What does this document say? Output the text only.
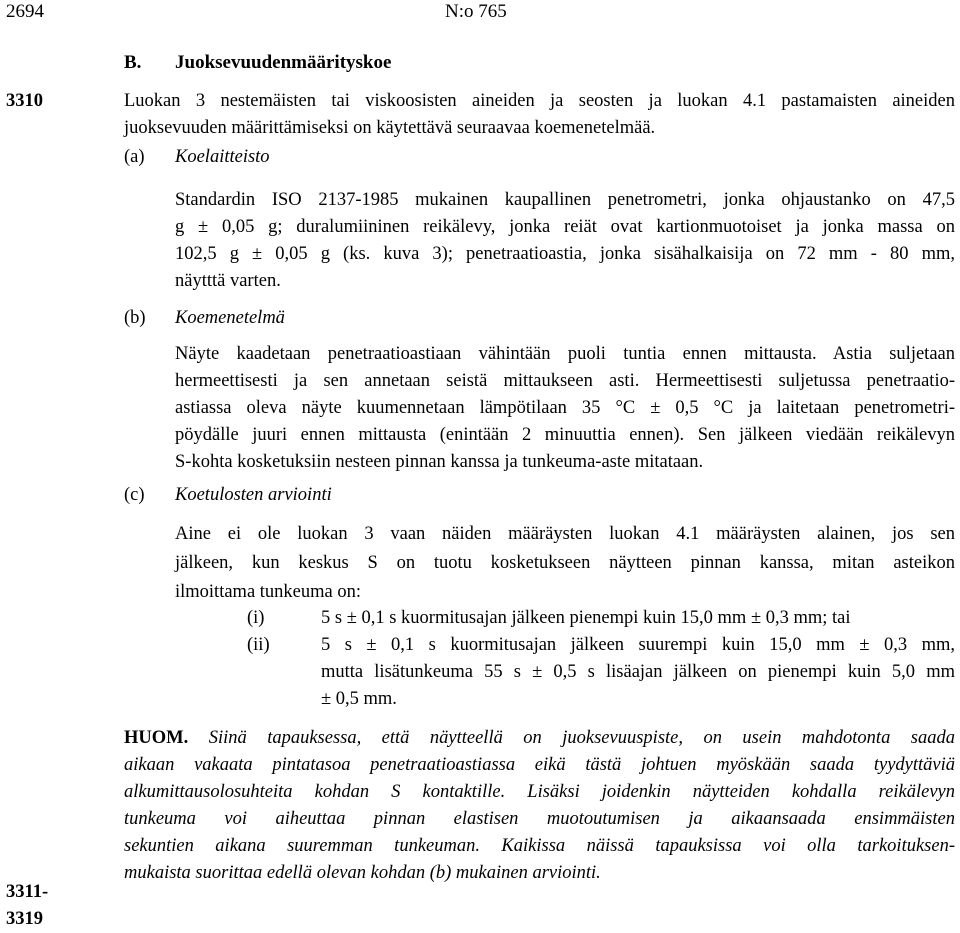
2694	N:o 765
B. Juoksevuudenmäärityskoe
3310
3311-
3319
Luokan 3 nestemäisten tai viskoosisten aineiden ja seosten ja luokan 4.1 pastamaisten aineiden
juoksevuuden määrittämiseksi on käytettävä seuraavaa koemenetelmää.
(a) Koelaitteisto
Standardin ISO 2137-1985 mukainen kaupallinen penetrometri, jonka ohjaustanko on 47,5
g ± 0,05 g; duralumiininen reikälevy, jonka reiät ovat kartionmuotoiset ja jonka massa on
102,5 g ± 0,05 g (ks. kuva 3); penetraatioastia, jonka sisähalkaisija on 72 mm - 80 mm,
näytttä varten.
(b) Koemenetelmä
Näyte kaadetaan penetraatioastiaan vähintään puoli tuntia ennen mittausta. Astia suljetaan
hermeettisesti ja sen annetaan seistä mittaukseen asti. Hermeettisesti suljetussa penetraatio-
astiassa oleva näyte kuumennetaan lämpötilaan 35 °C ± 0,5 °C ja laitetaan penetrometri-
pöydälle juuri ennen mittausta (enintään 2 minuuttia ennen). Sen jälkeen viedään reikälevyn
S-kohta kosketuksiin nesteen pinnan kanssa ja tunkeuma-aste mitataan.
(c) Koetulosten arviointi
Aine ei ole luokan 3 vaan näiden määräysten luokan 4.1 määräysten alainen, jos sen
jälkeen, kun keskus S on tuotu kosketukseen näytteen pinnan kanssa, mitan asteikon
ilmoittama tunkeuma on:
(i)	5 s ± 0,1 s kuormitusajan jälkeen pienempi kuin 15,0 mm ± 0,3 mm; tai
(ii)	5 s ± 0,1 s kuormitusajan jälkeen suurempi kuin 15,0 mm ± 0,3 mm,
mutta lisätunkeuma 55 s ± 0,5 s lisäajan jälkeen on pienempi kuin 5,0 mm
± 0,5 mm.
HUOM. Siinä tapauksessa, että näytteellä on juoksevuuspiste, on usein mahdotonta saada
aikaan vakaata pintatasoa penetraatioastiassa eikä tästä johtuen myöskään saada tyydyttäviä
alkumittausolosuhteita kohdan S kontaktille. Lisäksi joidenkin näytteiden kohdalla reikälevyn
tunkeuma voi aiheuttaa pinnan elastisen muotoutumisen ja aikaansaada ensimmäisten
sekuntien aikana suuremman tunkeuman. Kaikissa näissä tapauksissa voi olla tarkoituksen-
mukaista suorittaa edellä olevan kohdan (b) mukainen arviointi.
